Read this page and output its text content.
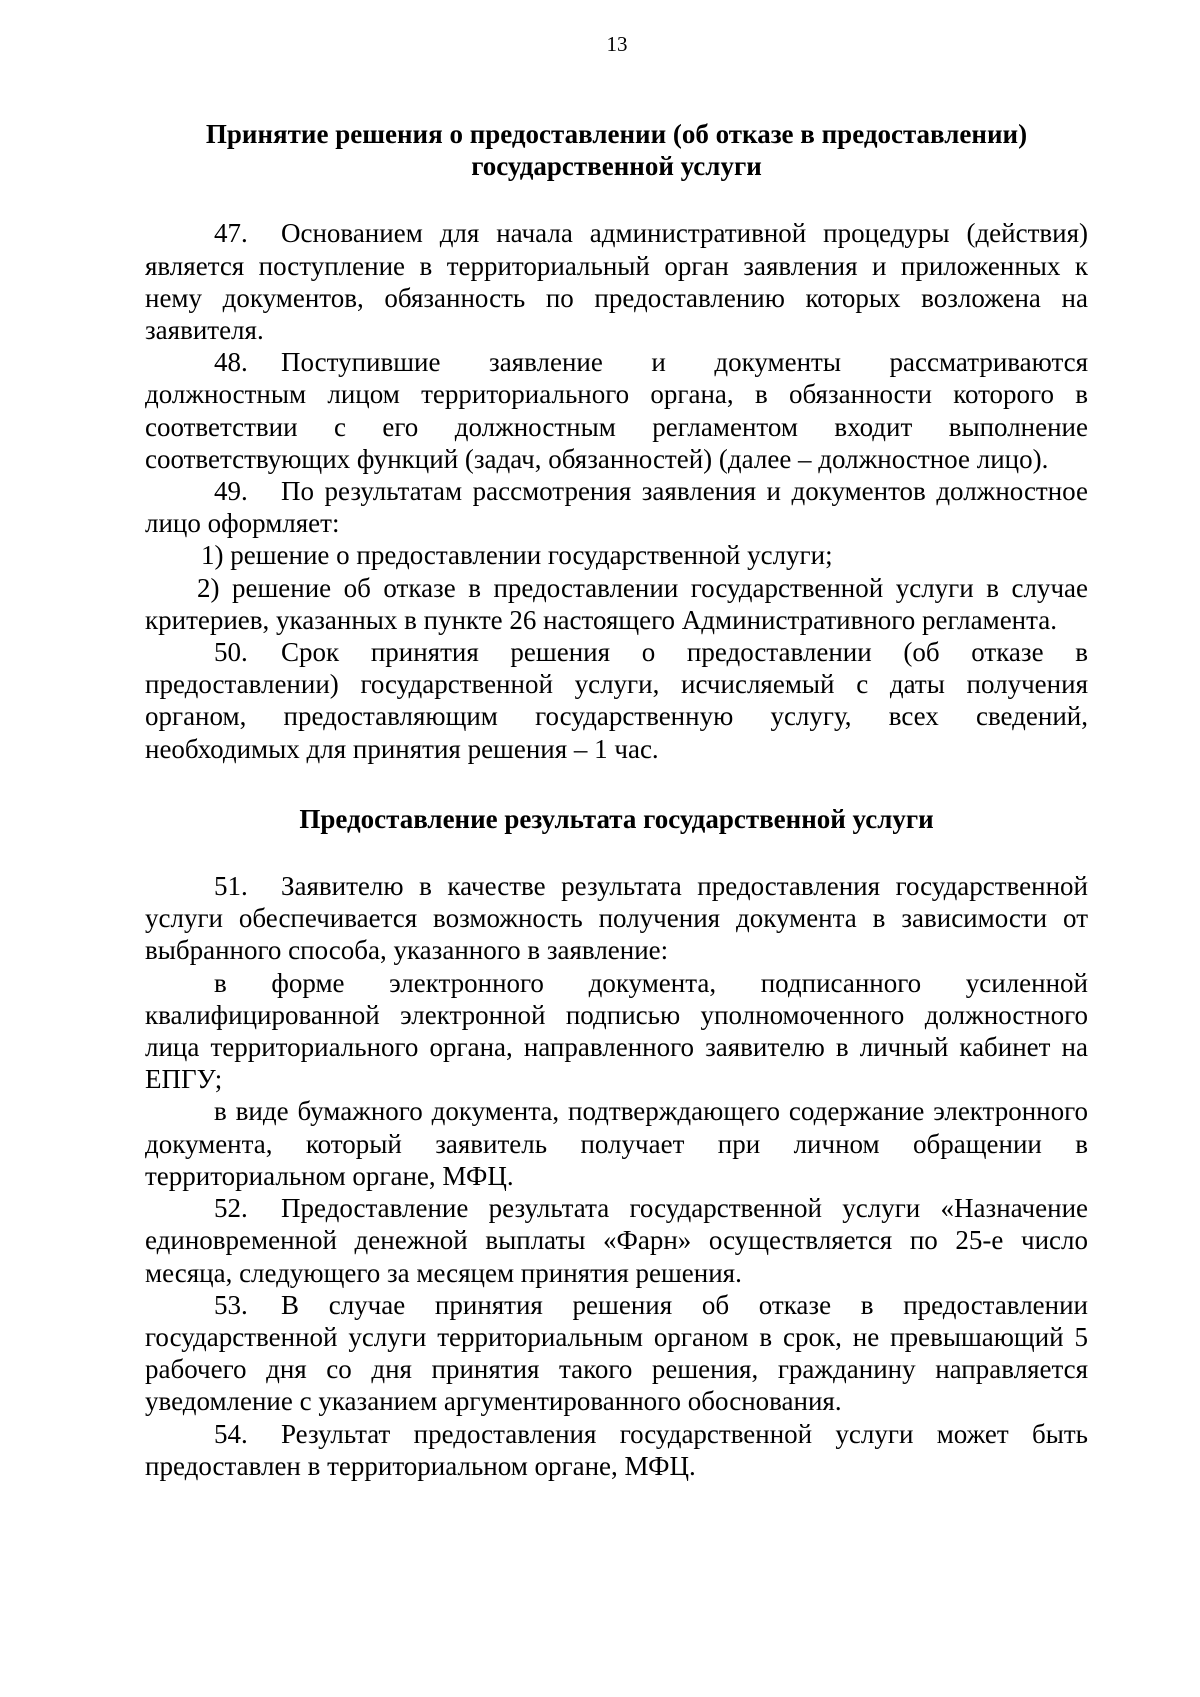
13
Принятие решения о предоставлении (об отказе в предоставлении)
государственной услуги

47. Основанием для начала административной процедуры (действия) является поступление в территориальный орган заявления и приложенных к нему документов, обязанность по предоставлению которых возложена на заявителя.

48. Поступившие заявление и документы рассматриваются должностным лицом территориального органа, в обязанности которого в соответствии с его должностным регламентом входит выполнение соответствующих функций (задач, обязанностей) (далее – должностное лицо).

49. По результатам рассмотрения заявления и документов должностное лицо оформляет:

1) решение о предоставлении государственной услуги;

2) решение об отказе в предоставлении государственной услуги в случае критериев, указанных в пункте 26 настоящего Административного регламента.

50. Срок принятия решения о предоставлении (об отказе в предоставлении) государственной услуги, исчисляемый с даты получения органом, предоставляющим государственную услугу, всех сведений, необходимых для принятия решения – 1 час.

Предоставление результата государственной услуги

51. Заявителю в качестве результата предоставления государственной услуги обеспечивается возможность получения документа в зависимости от выбранного способа, указанного в заявление:

в форме электронного документа, подписанного усиленной квалифицированной электронной подписью уполномоченного должностного лица территориального органа, направленного заявителю в личный кабинет на ЕПГУ;

в виде бумажного документа, подтверждающего содержание электронного документа, который заявитель получает при личном обращении в территориальном органе, МФЦ.

52. Предоставление результата государственной услуги «Назначение единовременной денежной выплаты «Фарн» осуществляется по 25-е число месяца, следующего за месяцем принятия решения.

53. В случае принятия решения об отказе в предоставлении государственной услуги территориальным органом в срок, не превышающий 5 рабочего дня со дня принятия такого решения, гражданину направляется уведомление с указанием аргументированного обоснования.

54. Результат предоставления государственной услуги может быть предоставлен в территориальном органе, МФЦ.
